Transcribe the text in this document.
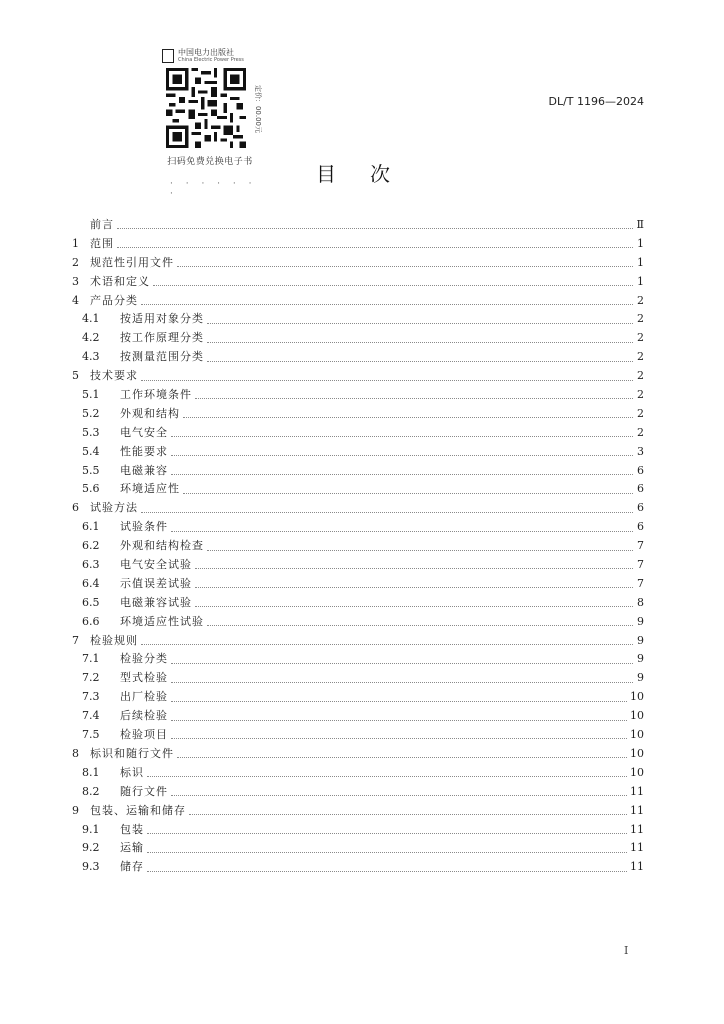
中国电力出版社
China Electric Power Press
定价：00.00元
扫码免费兑换电子书
· · · · · · ·
DL/T 1196—2024
目次
前言	Ⅱ
1	范围	1
2	规范性引用文件	1
3	术语和定义	1
4	产品分类	2
4.1	按适用对象分类	2
4.2	按工作原理分类	2
4.3	按测量范围分类	2
5	技术要求	2
5.1	工作环境条件	2
5.2	外观和结构	2
5.3	电气安全	2
5.4	性能要求	3
5.5	电磁兼容	6
5.6	环境适应性	6
6	试验方法	6
6.1	试验条件	6
6.2	外观和结构检查	7
6.3	电气安全试验	7
6.4	示值误差试验	7
6.5	电磁兼容试验	8
6.6	环境适应性试验	9
7	检验规则	9
7.1	检验分类	9
7.2	型式检验	9
7.3	出厂检验	10
7.4	后续检验	10
7.5	检验项目	10
8	标识和随行文件	10
8.1	标识	10
8.2	随行文件	11
9	包装、运输和储存	11
9.1	包装	11
9.2	运输	11
9.3	储存	11
I
